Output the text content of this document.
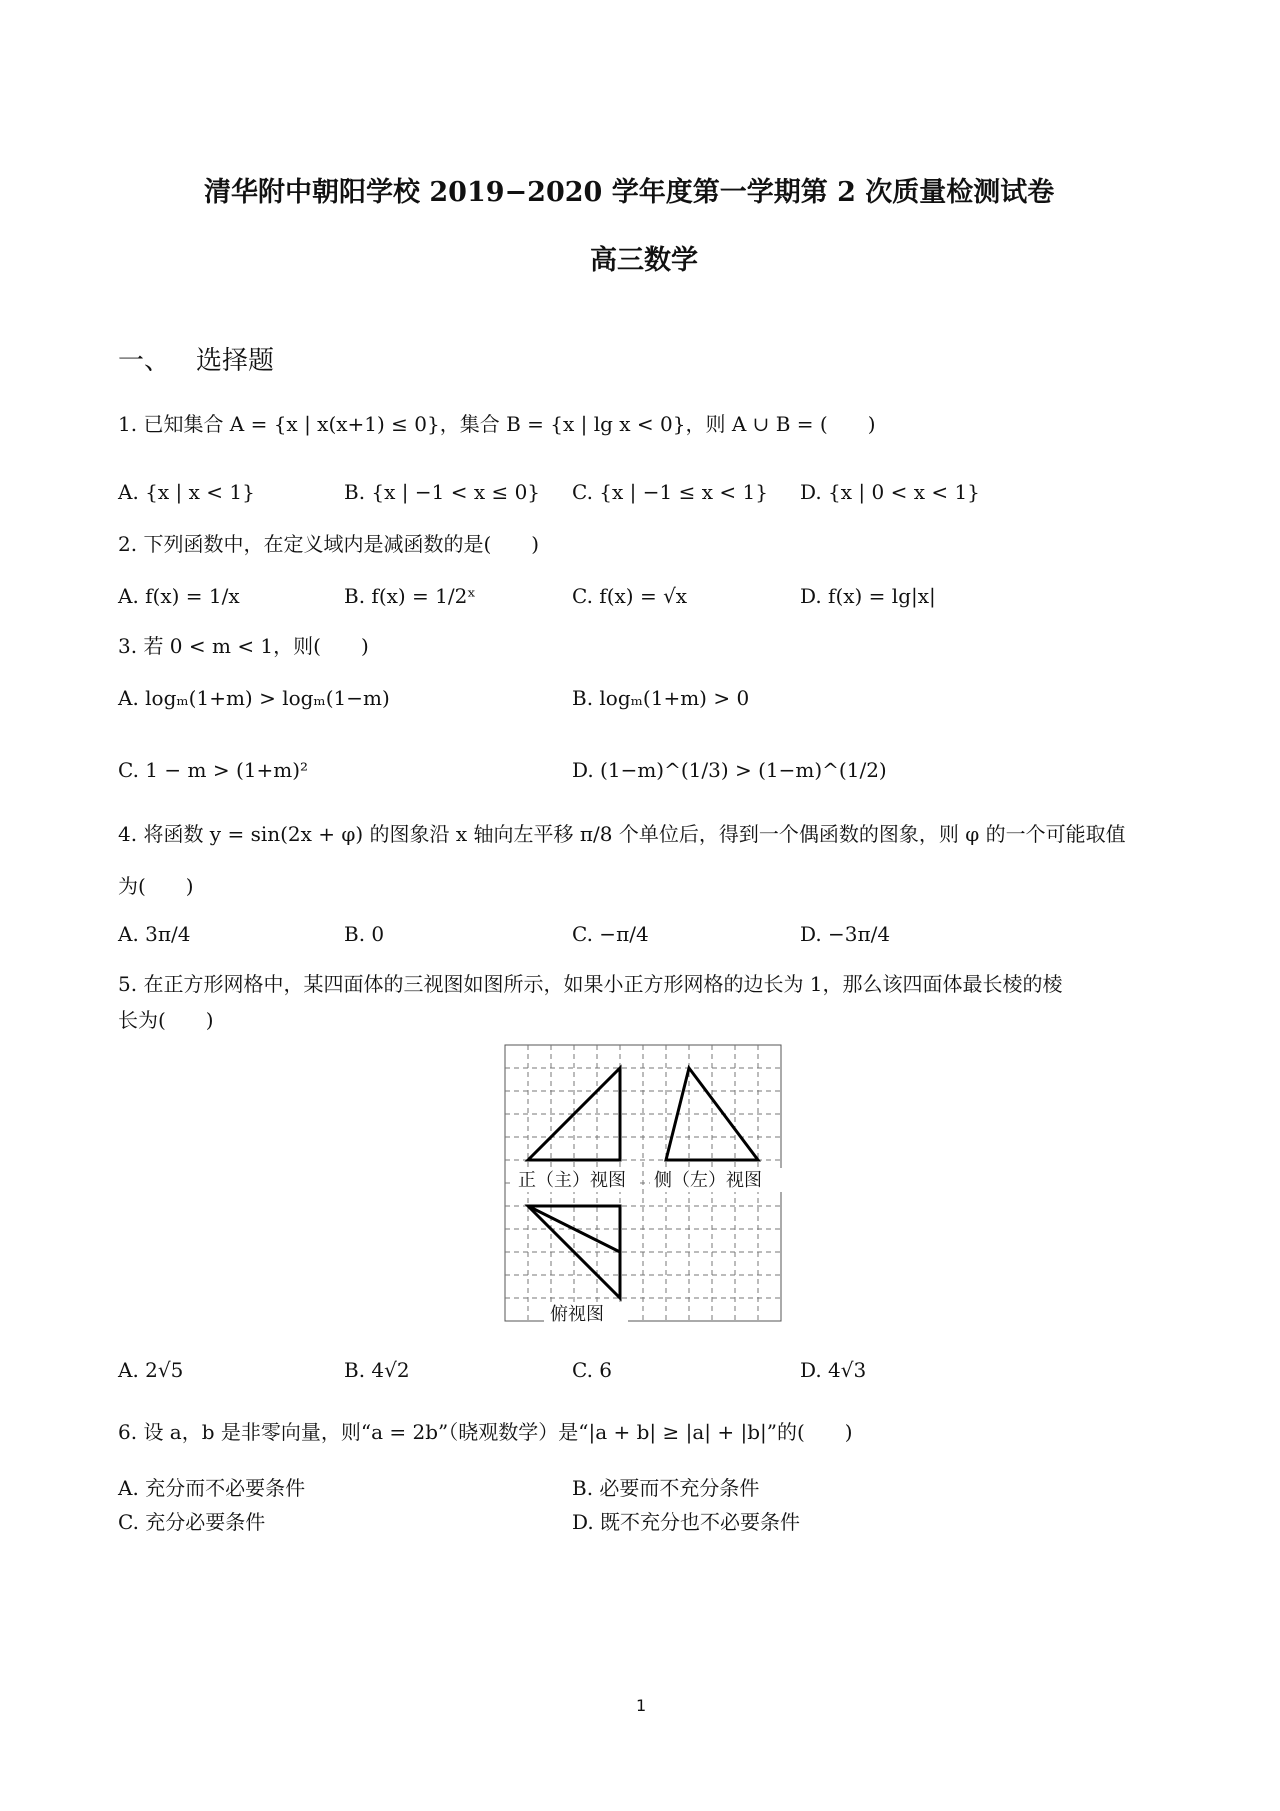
清华附中朝阳学校 2019−2020 学年度第一学期第 2 次质量检测试卷
高三数学
一、 选择题
1. 已知集合 A = {x | x(x+1) ≤ 0}，集合 B = {x | lg x < 0}，则 A ∪ B = (　　)
A. {x | x < 1}	B. {x | −1 < x ≤ 0} C. {x | −1 ≤ x < 1} D. {x | 0 < x < 1}
2. 下列函数中，在定义域内是减函数的是(　　)
A. f(x) = 1/x	B. f(x) = 1/2ˣ	C. f(x) = √x	D. f(x) = lg|x|
3. 若 0 < m < 1，则(　　)
A. logₘ(1+m) > logₘ(1−m)	B. logₘ(1+m) > 0
C. 1 − m > (1+m)²	D. (1−m)^(1/3) > (1−m)^(1/2)
4. 将函数 y = sin(2x + φ) 的图象沿 x 轴向左平移 π/8 个单位后，得到一个偶函数的图象，则 φ 的一个可能取值
为(　　)
A. 3π/4	B. 0	C. −π/4	D. −3π/4
5. 在正方形网格中，某四面体的三视图如图所示，如果小正方形网格的边长为 1，那么该四面体最长棱的棱
长为(　　)
正（主）视图 侧（左）视图
俯视图
A. 2√5	B. 4√2	C. 6	D. 4√3
6. 设 a，b 是非零向量，则“a = 2b”（晓观数学）是“|a + b| ≥ |a| + |b|”的(　　)
A. 充分而不必要条件	B. 必要而不充分条件
C. 充分必要条件	D. 既不充分也不必要条件
1
